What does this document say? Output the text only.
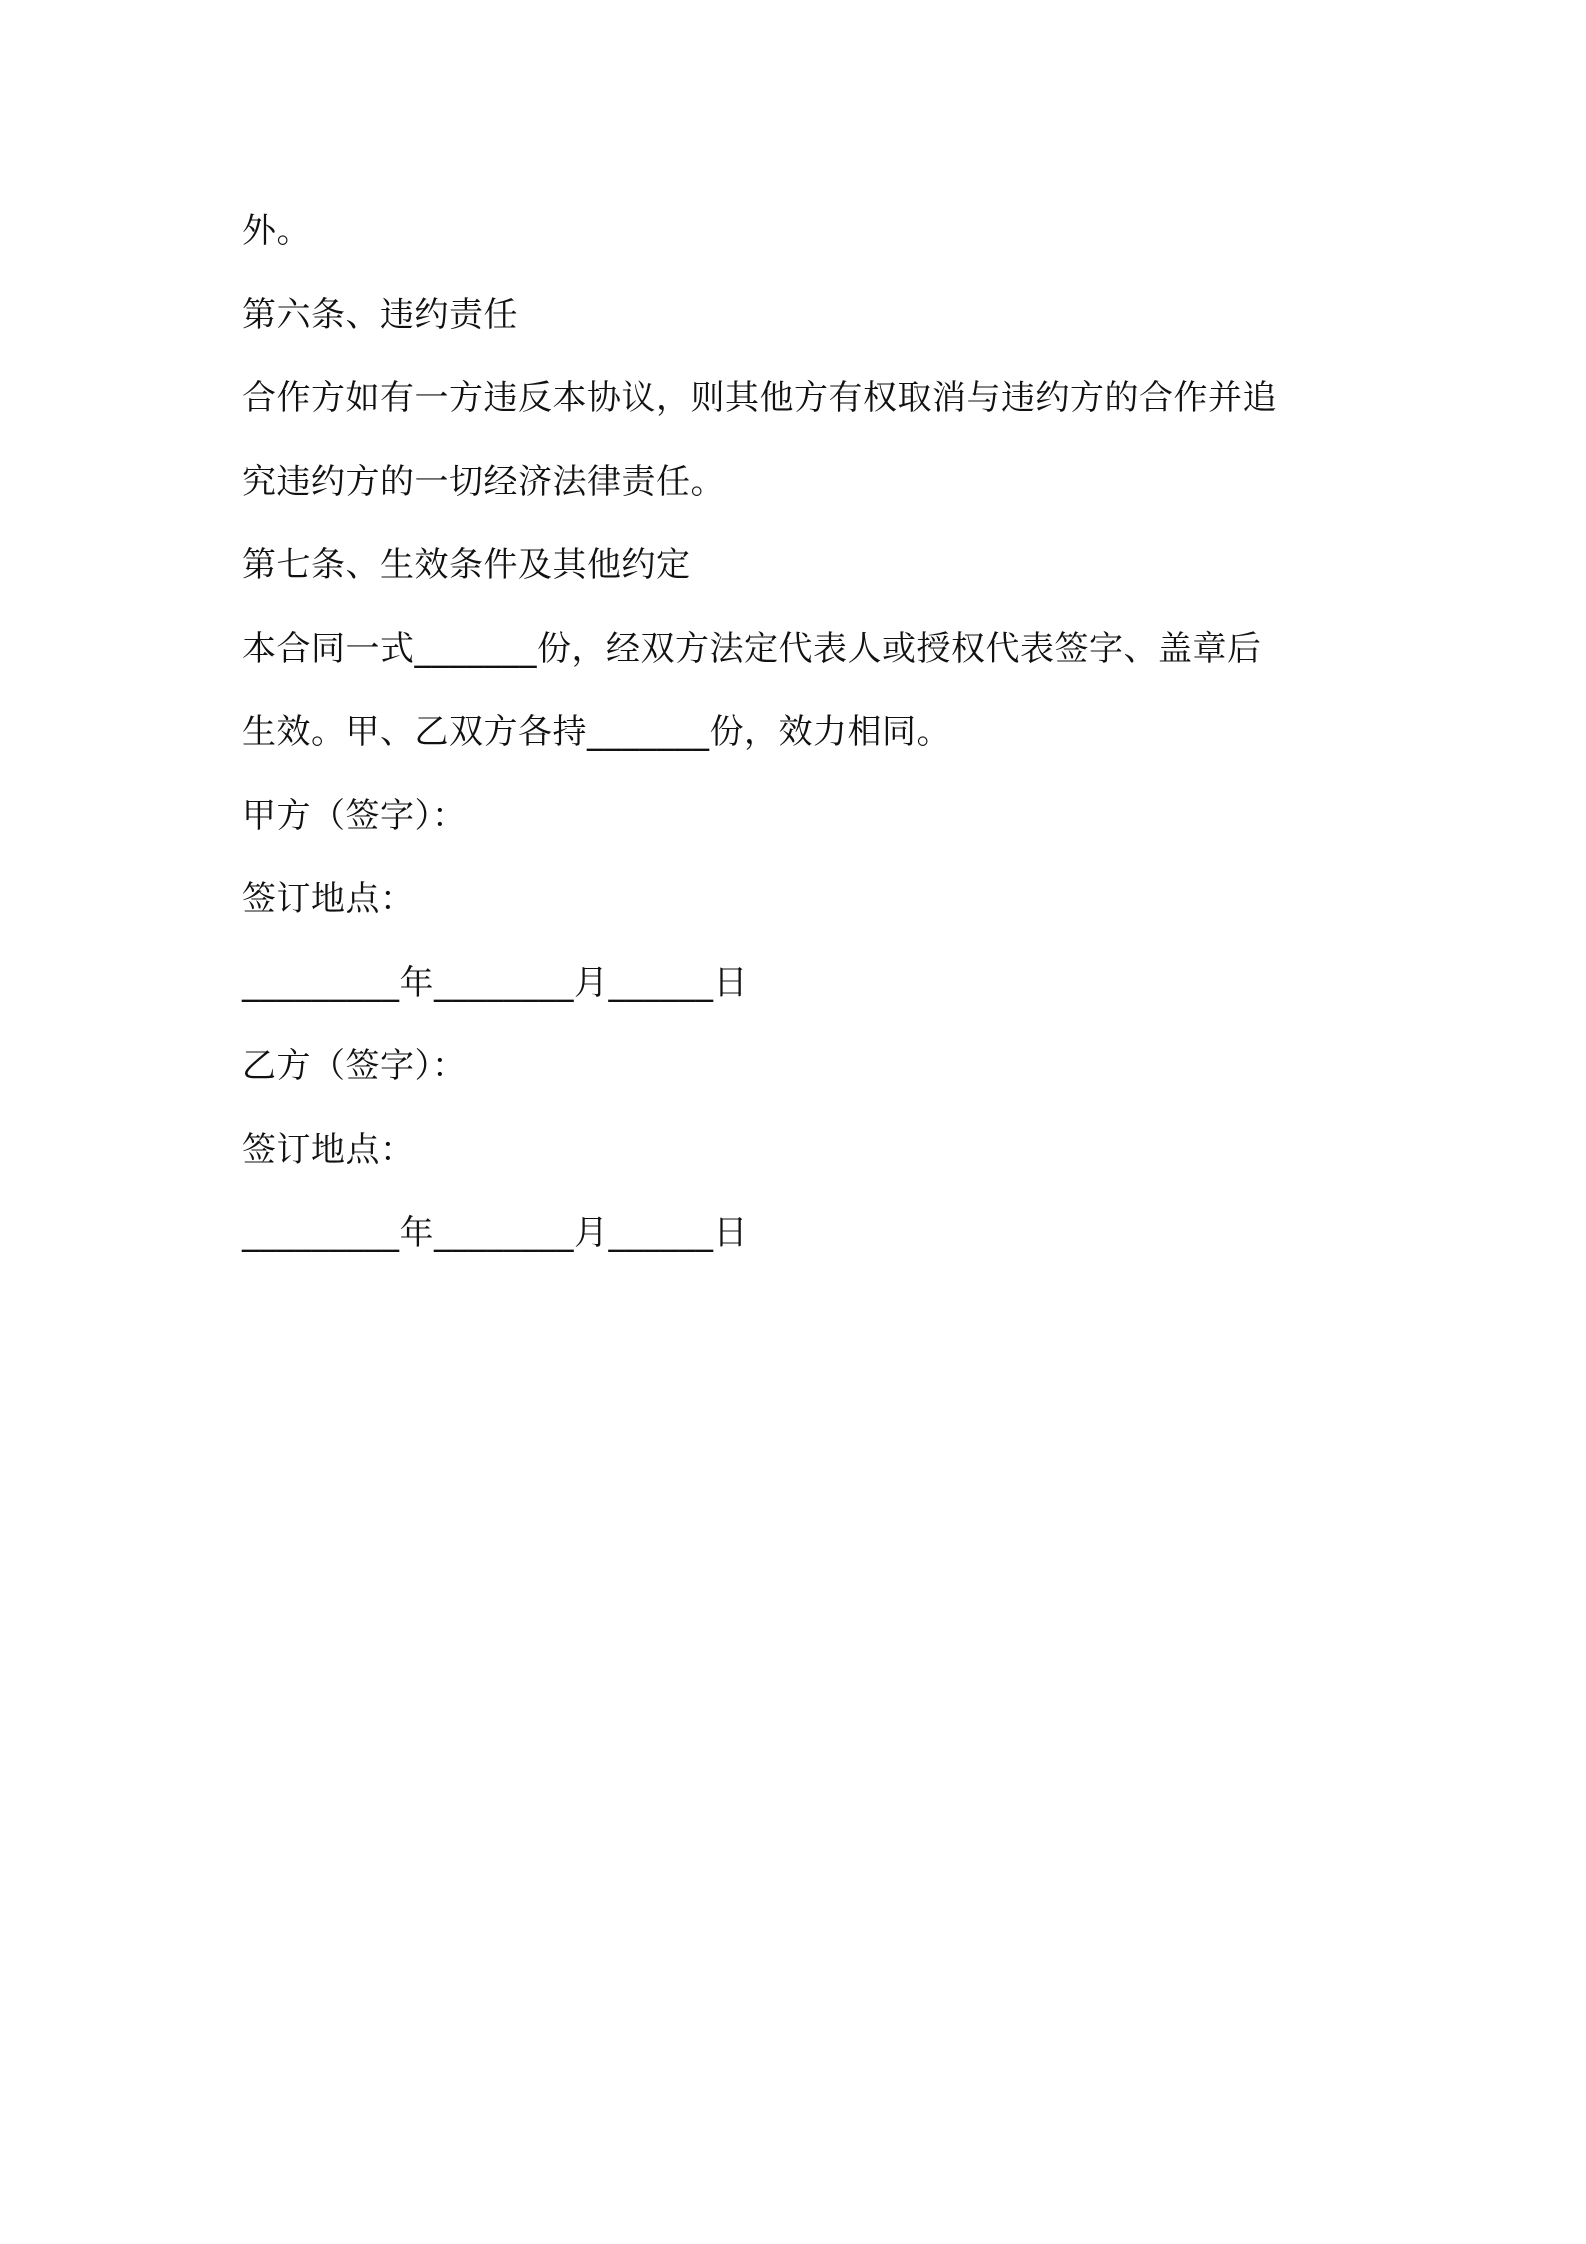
外。
第六条、违约责任
合作方如有一方违反本协议，则其他方有权取消与违约方的合作并追
究违约方的一切经济法律责任。
第七条、生效条件及其他约定
本合同一式_______份，经双方法定代表人或授权代表签字、盖章后
生效。甲、乙双方各持_______份，效力相同。
甲方（签字）：
签订地点：
_________年________月______日
乙方（签字）：
签订地点：
_________年________月______日
